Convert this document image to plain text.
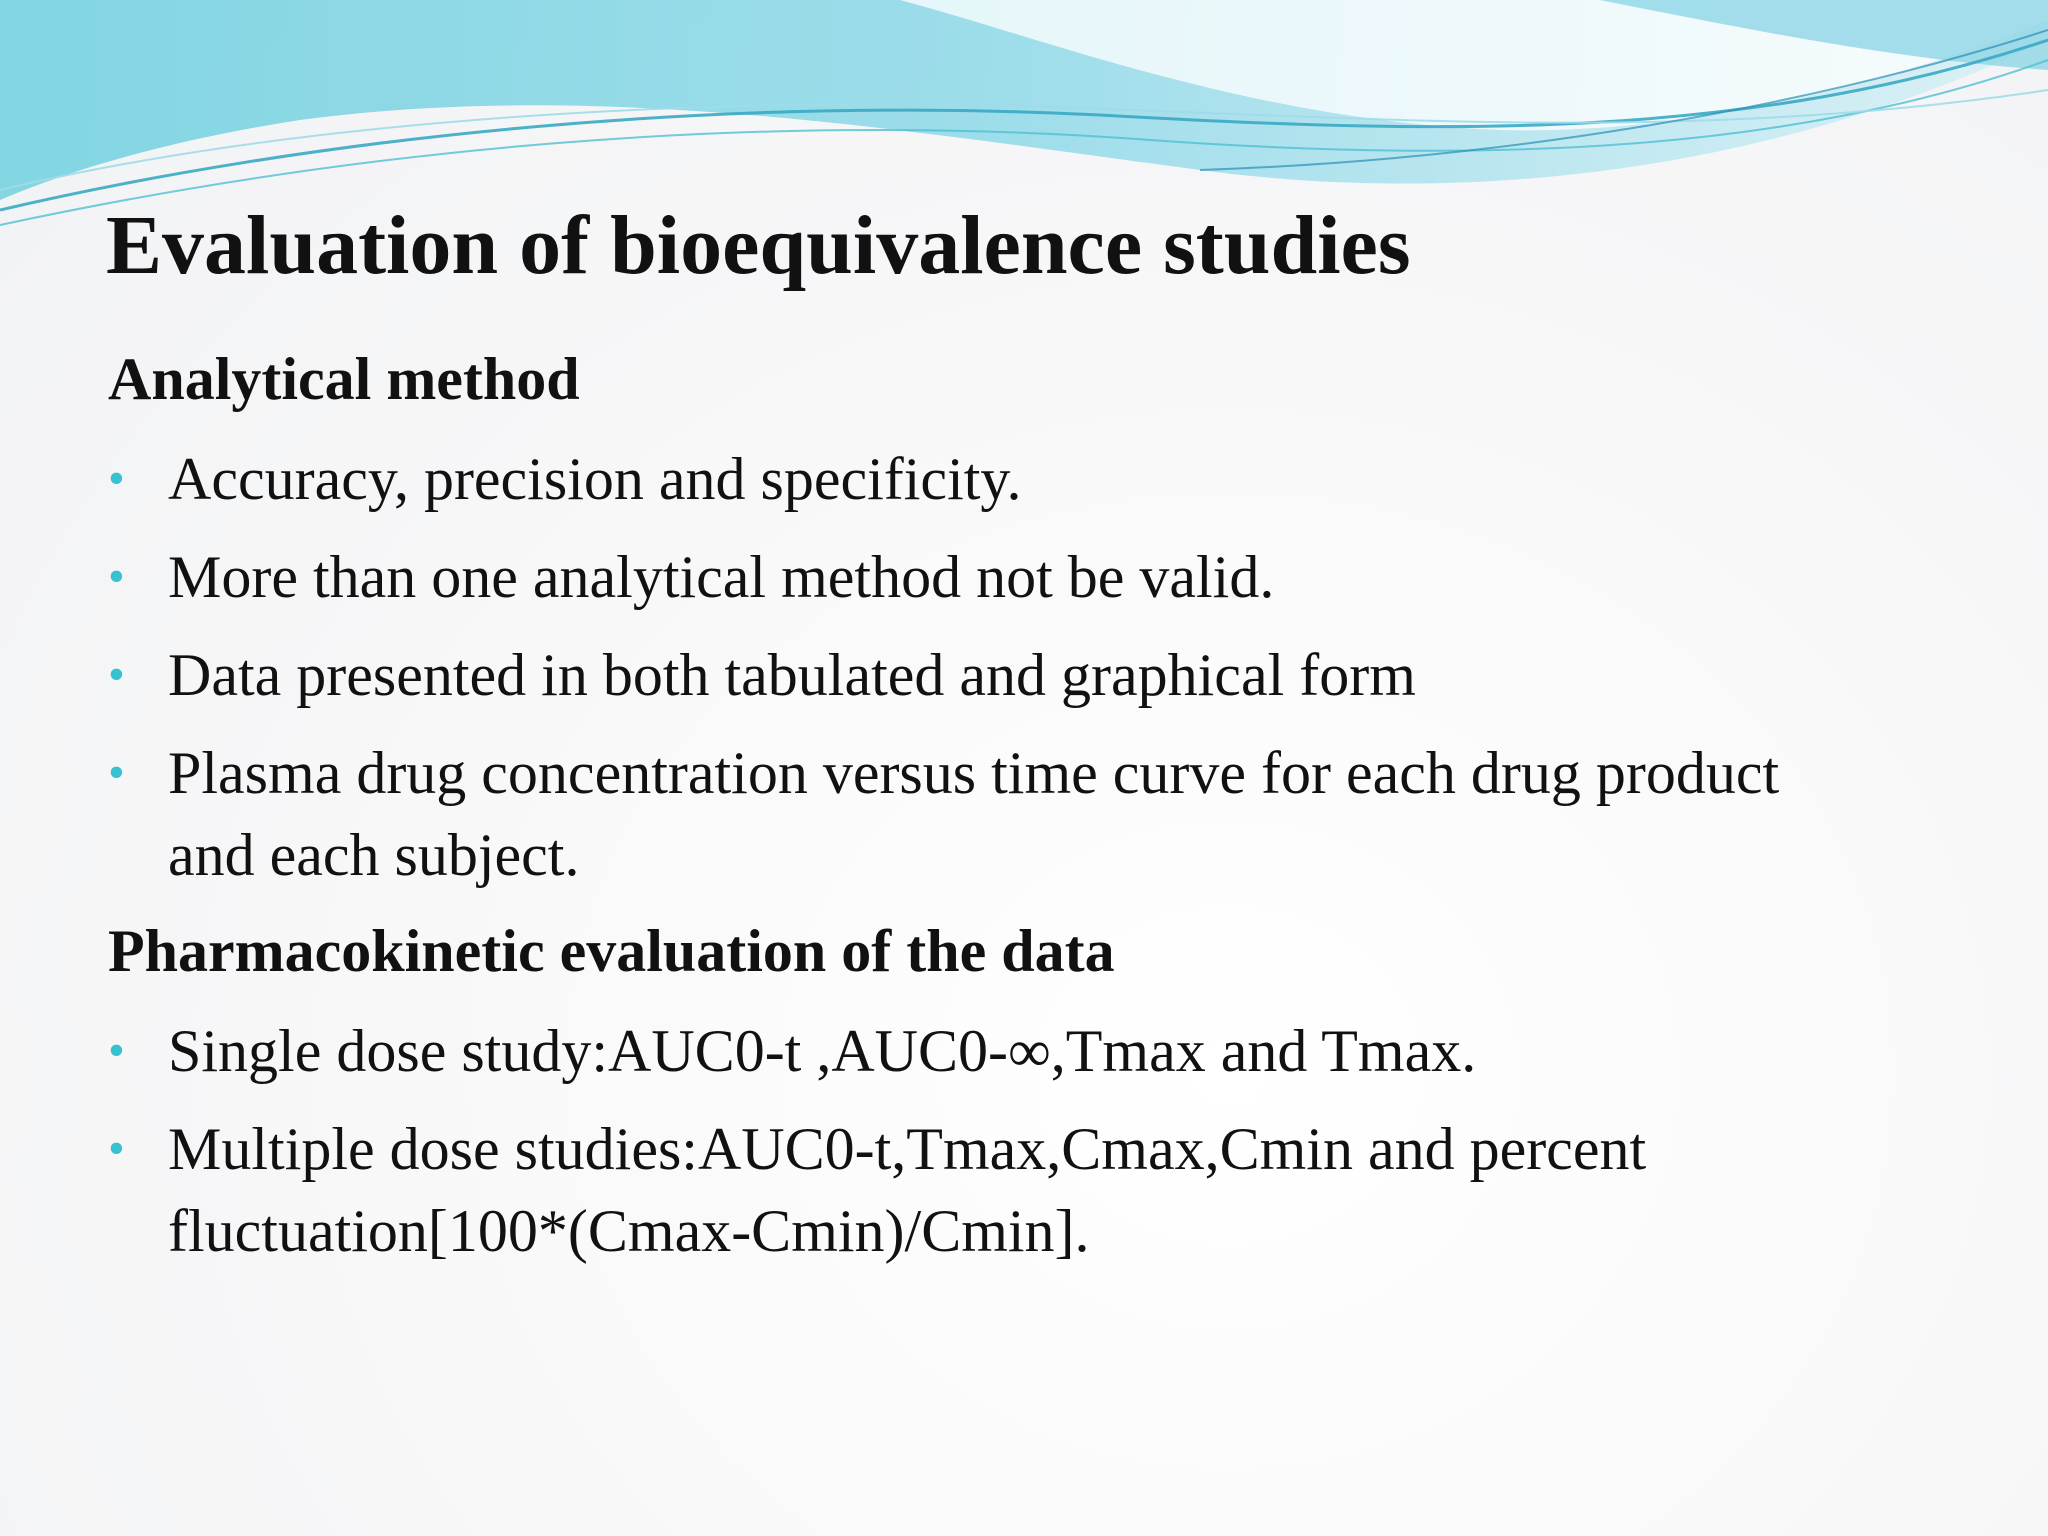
Evaluation of bioequivalence studies
Analytical method
• Accuracy, precision and specificity.
• More than one analytical method not be valid.
• Data presented in both tabulated and graphical form
• Plasma drug concentration versus time curve for each drug product and each subject.
Pharmacokinetic evaluation of the data
• Single dose study:AUC0-t ,AUC0-∞,Tmax and Tmax.
• Multiple dose studies:AUC0-t,Tmax,Cmax,Cmin and percent fluctuation[100*(Cmax-Cmin)/Cmin].
